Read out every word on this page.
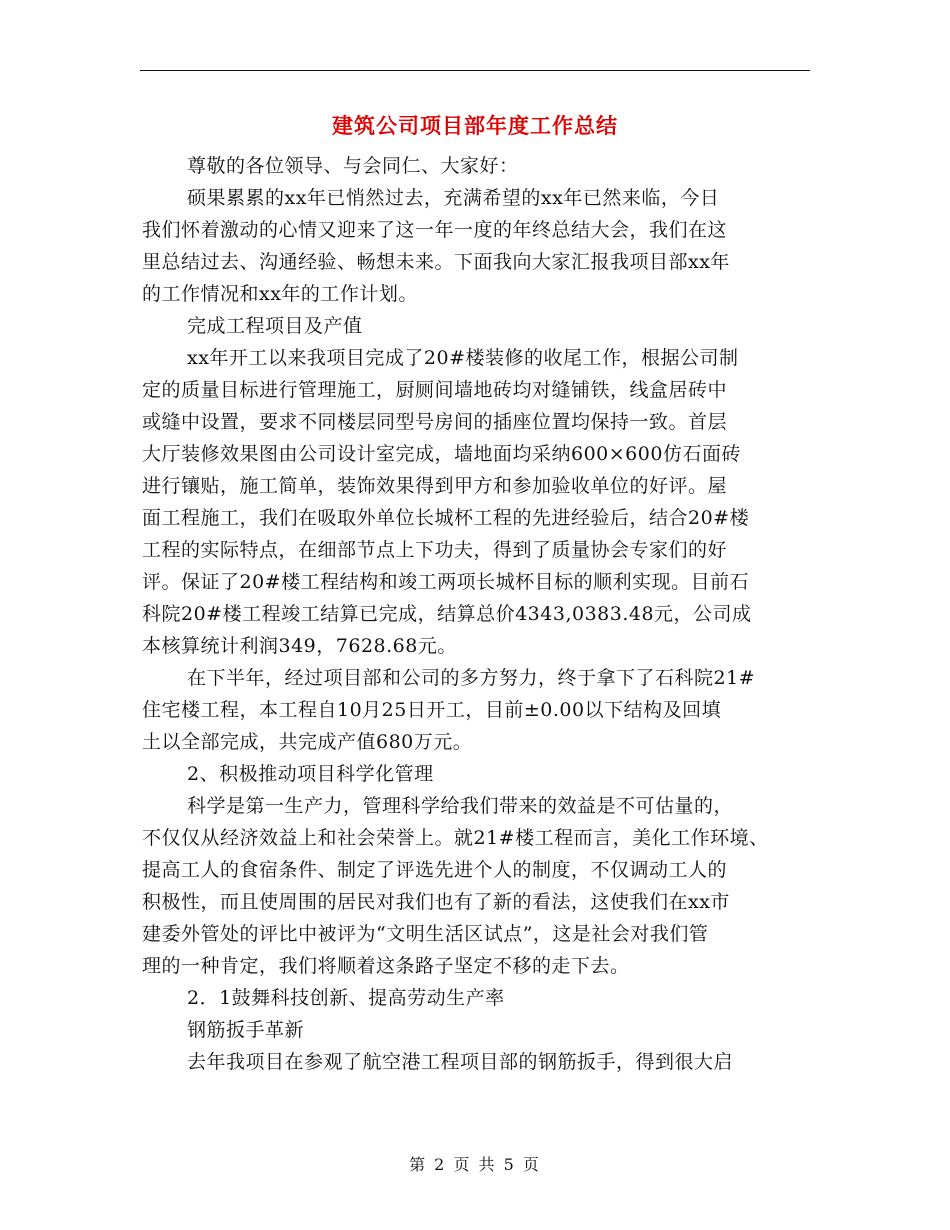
建筑公司项目部年度工作总结
尊敬的各位领导、与会同仁、大家好：
硕果累累的xx年已悄然过去，充满希望的xx年已然来临，今日
我们怀着激动的心情又迎来了这一年一度的年终总结大会，我们在这
里总结过去、沟通经验、畅想未来。下面我向大家汇报我项目部xx年
的工作情况和xx年的工作计划。
完成工程项目及产值
xx年开工以来我项目完成了20#楼装修的收尾工作，根据公司制
定的质量目标进行管理施工，厨厕间墙地砖均对缝铺铁，线盒居砖中
或缝中设置，要求不同楼层同型号房间的插座位置均保持一致。首层
大厅装修效果图由公司设计室完成，墙地面均采纳600×600仿石面砖
进行镶贴，施工简单，装饰效果得到甲方和参加验收单位的好评。屋
面工程施工，我们在吸取外单位长城杯工程的先进经验后，结合20#楼
工程的实际特点，在细部节点上下功夫，得到了质量协会专家们的好
评。保证了20#楼工程结构和竣工两项长城杯目标的顺利实现。目前石
科院20#楼工程竣工结算已完成，结算总价4343,0383.48元，公司成
本核算统计利润349，7628.68元。
在下半年，经过项目部和公司的多方努力，终于拿下了石科院21#
住宅楼工程，本工程自10月25日开工，目前±0.00以下结构及回填
土以全部完成，共完成产值680万元。
2、积极推动项目科学化管理
科学是第一生产力，管理科学给我们带来的效益是不可估量的，
不仅仅从经济效益上和社会荣誉上。就21#楼工程而言，美化工作环境、
提高工人的食宿条件、制定了评选先进个人的制度，不仅调动工人的
积极性，而且使周围的居民对我们也有了新的看法，这使我们在xx市
建委外管处的评比中被评为“文明生活区试点”，这是社会对我们管
理的一种肯定，我们将顺着这条路子坚定不移的走下去。
2．1鼓舞科技创新、提高劳动生产率
钢筋扳手革新
去年我项目在参观了航空港工程项目部的钢筋扳手，得到很大启
第 2 页 共 5 页
